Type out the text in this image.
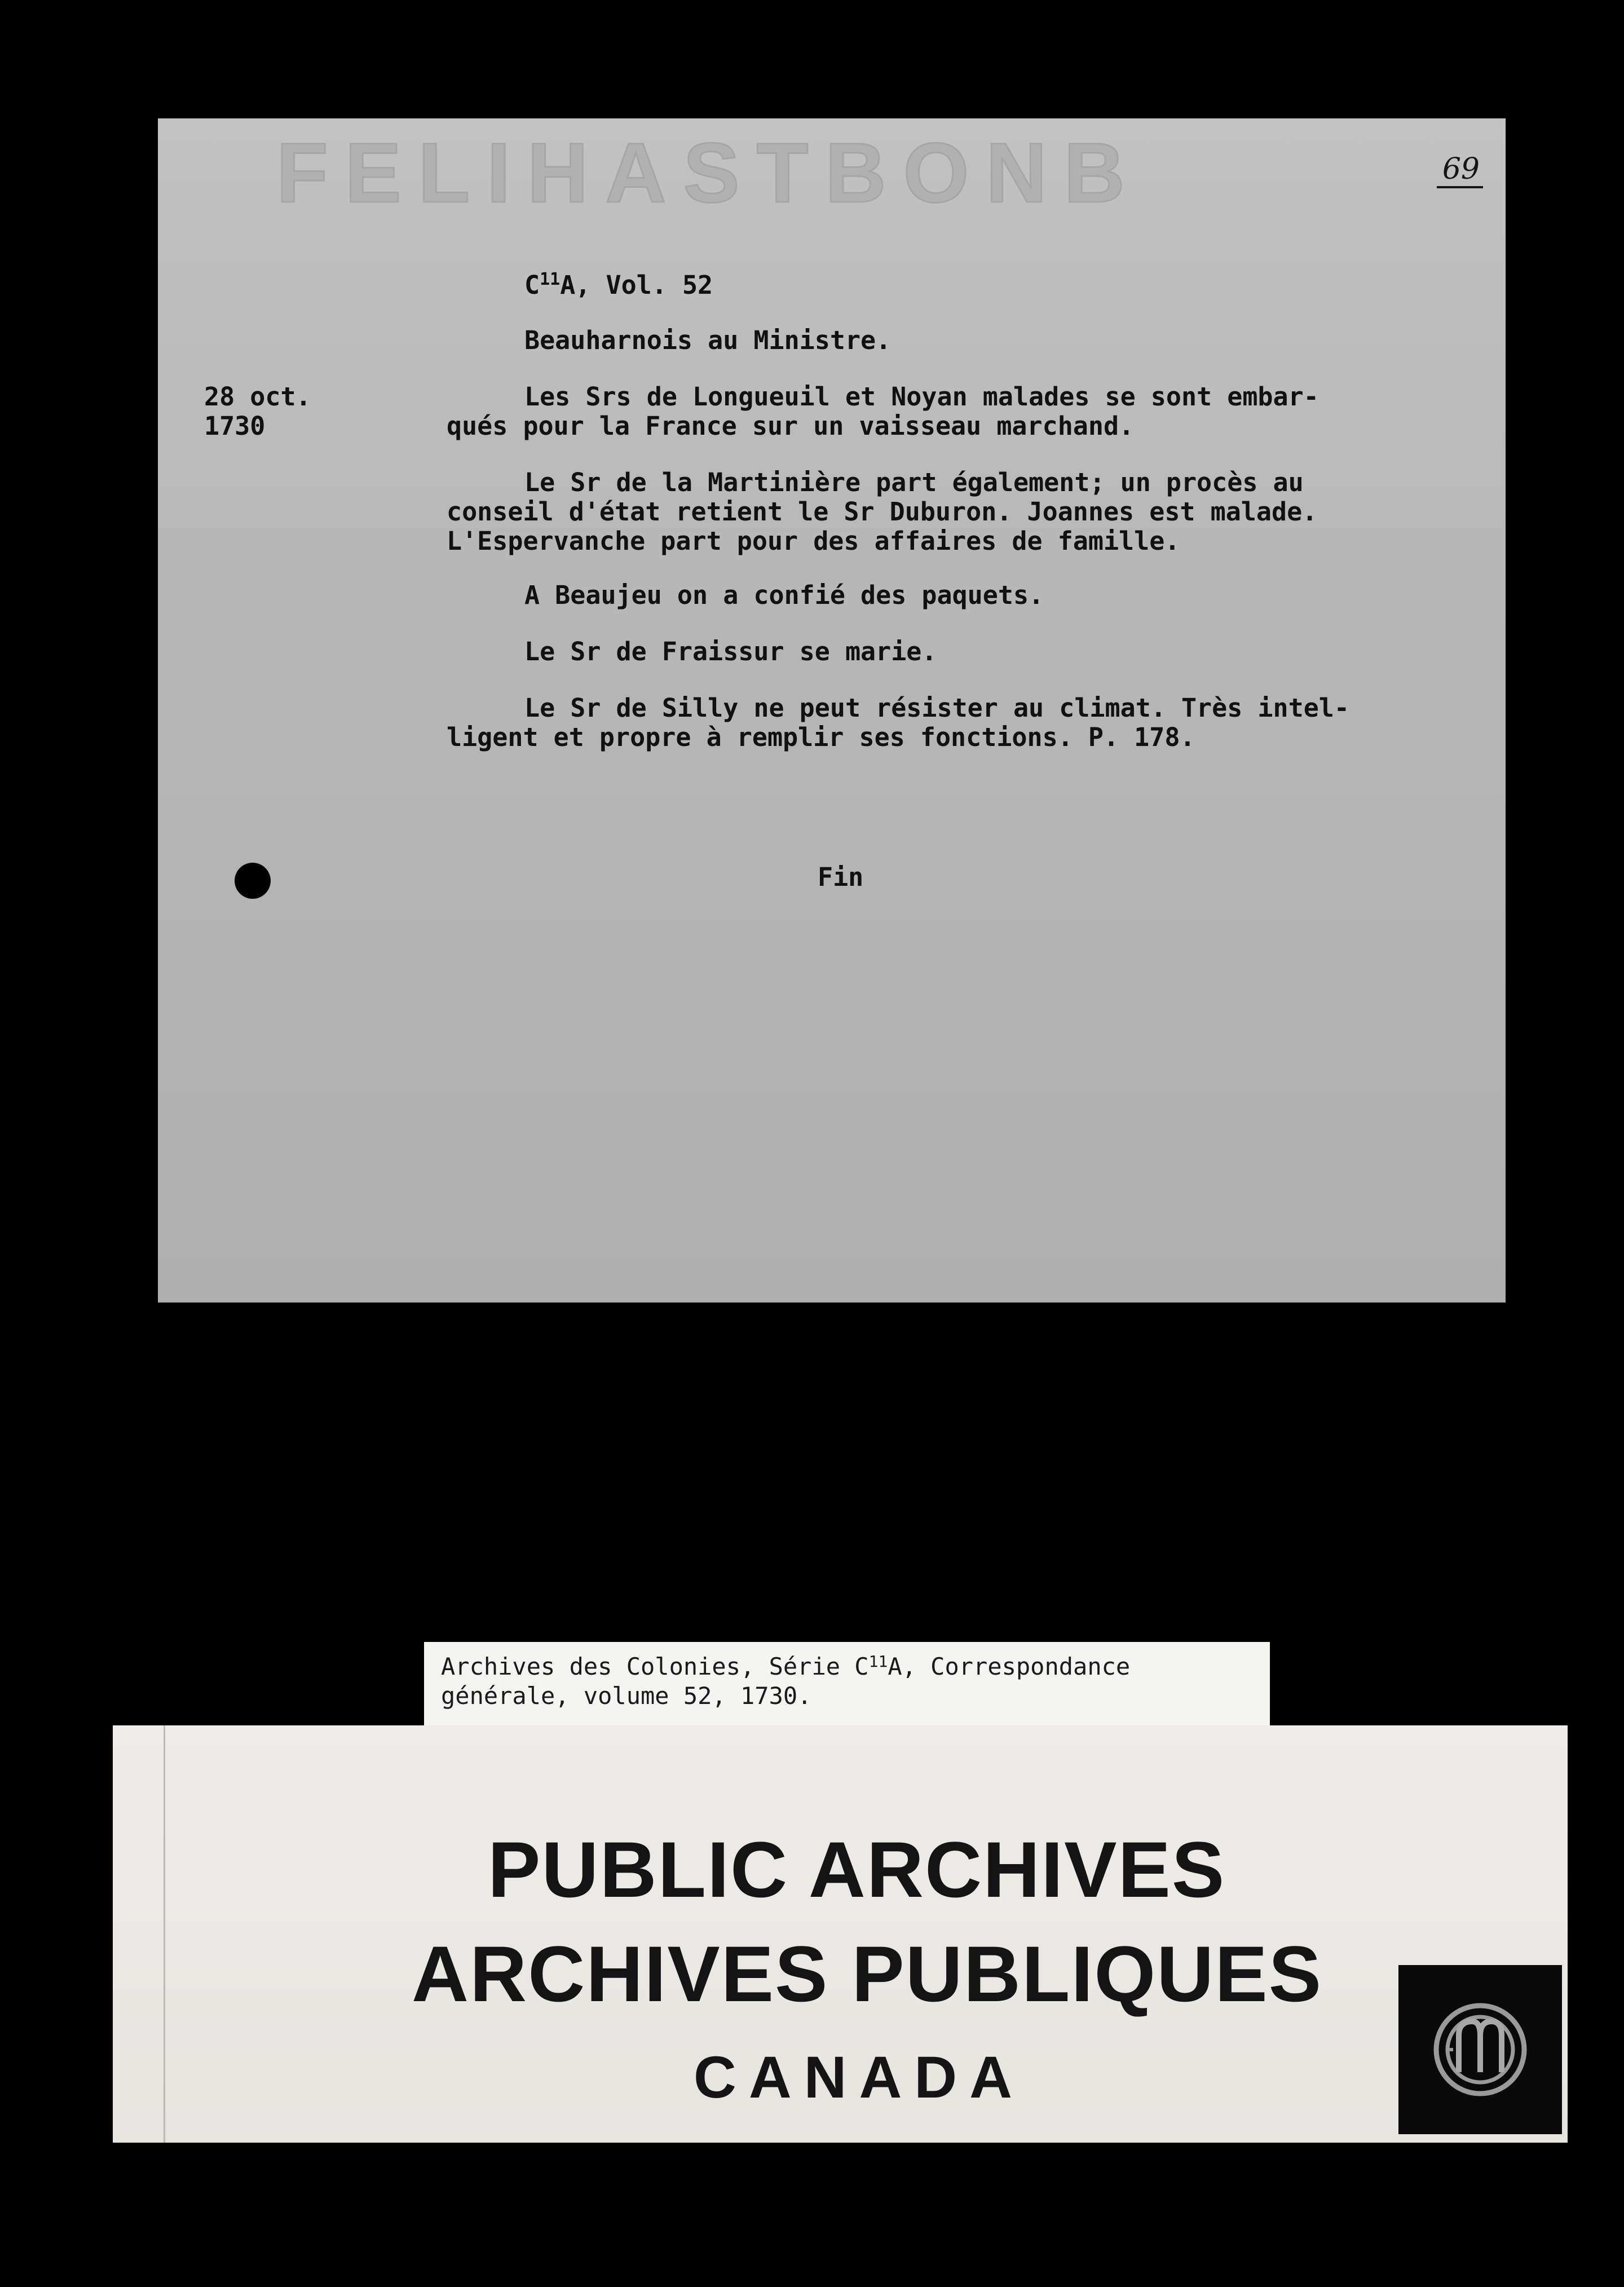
FELIHASTBONB	69
$C^{11}A$, Vol. 52
Beauharnois au Ministre.
28 oct.
1730
Les Srs de Longueuil et Noyan malades se sont embar-
qués pour la France sur un vaisseau marchand.
Le Sr de la Martinière part également; un procès au
conseil d'état retient le Sr Duburon. Joannes est malade.
L'Espervanche part pour des affaires de famille.
A Beaujeu on a confié des paquets.
Le Sr de Fraissur se marie.
Le Sr de Silly ne peut résister au climat. Très intel-
ligent et propre à remplir ses fonctions. P. 178.
Fin
Archives des Colonies, Série $C^{11}A$, Correspondance
générale, volume 52, 1730.
PUBLIC ARCHIVES
ARCHIVES PUBLIQUES
CANADA
